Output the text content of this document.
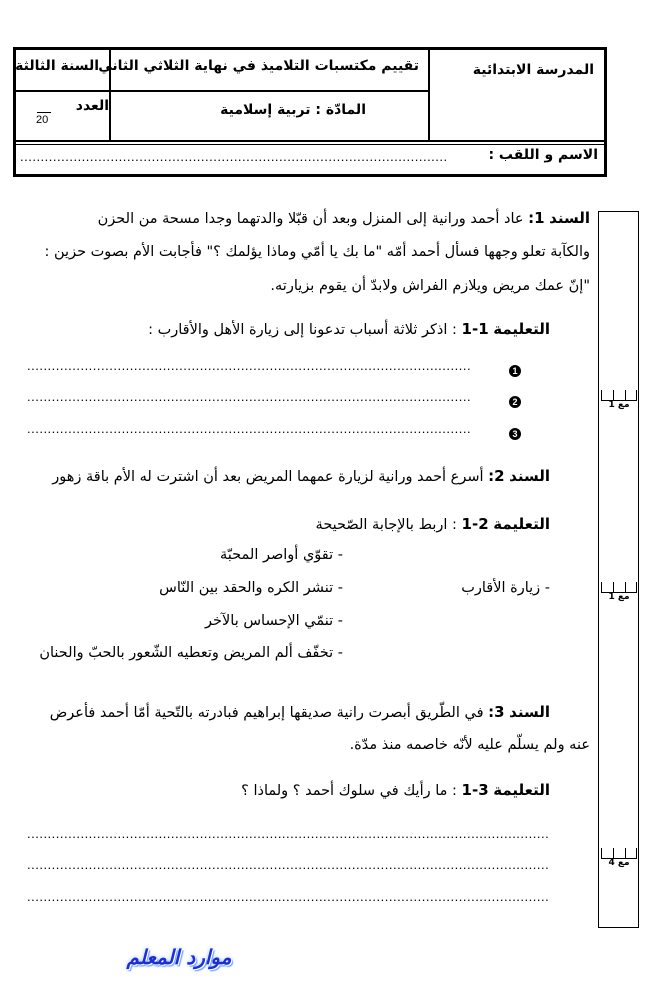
المدرسة الابتدائية
تقييم مكتسبات التلاميذ في نهاية الثلاثي الثاني
السنة الثالثة
المادّة : تربية إسلامية
العدد
20
الاسم و اللقب :
........................................................................................................
السند 1: عاد أحمد ورانية إلى المنزل وبعد أن قبّلا والدتهما وجدا مسحة من الحزن
والكآبة تعلو وجهها فسأل أحمد أمّه "ما بك يا أمّي وماذا يؤلمك ؟" فأجابت الأم بصوت حزين :
"إنّ عمك مريض ويلازم الفراش ولابدّ أن يقوم بزيارته.
التعليمة 1-1 : اذكر ثلاثة أسباب تدعونا إلى زيارة الأهل والأقارب :
1
............................................................................................................
2
............................................................................................................
3
............................................................................................................
السند 2: أسرع أحمد ورانية لزيارة عمهما المريض بعد أن اشترت له الأم باقة زهور
التعليمة 2-1 : اربط بالإجابة الصّحيحة
- زيارة الأقارب
- تقوّي أواصر المحبّة
- تنشر الكره والحقد بين النّاس
- تنمّي الإحساس بالآخر
- تخفّف ألم المريض وتعطيه الشّعور بالحبّ والحنان
السند 3: في الطّريق أبصرت رانية صديقها إبراهيم فبادرته بالتّحية أمّا أحمد فأعرض
عنه ولم يسلّم عليه لأنّه خاصمه منذ مدّة.
التعليمة 3-1 : ما رأيك في سلوك أحمد ؟ ولماذا ؟
...............................................................................................................................
...............................................................................................................................
...............................................................................................................................
مع 1
مع 1
مع 4
موارد المعلم
